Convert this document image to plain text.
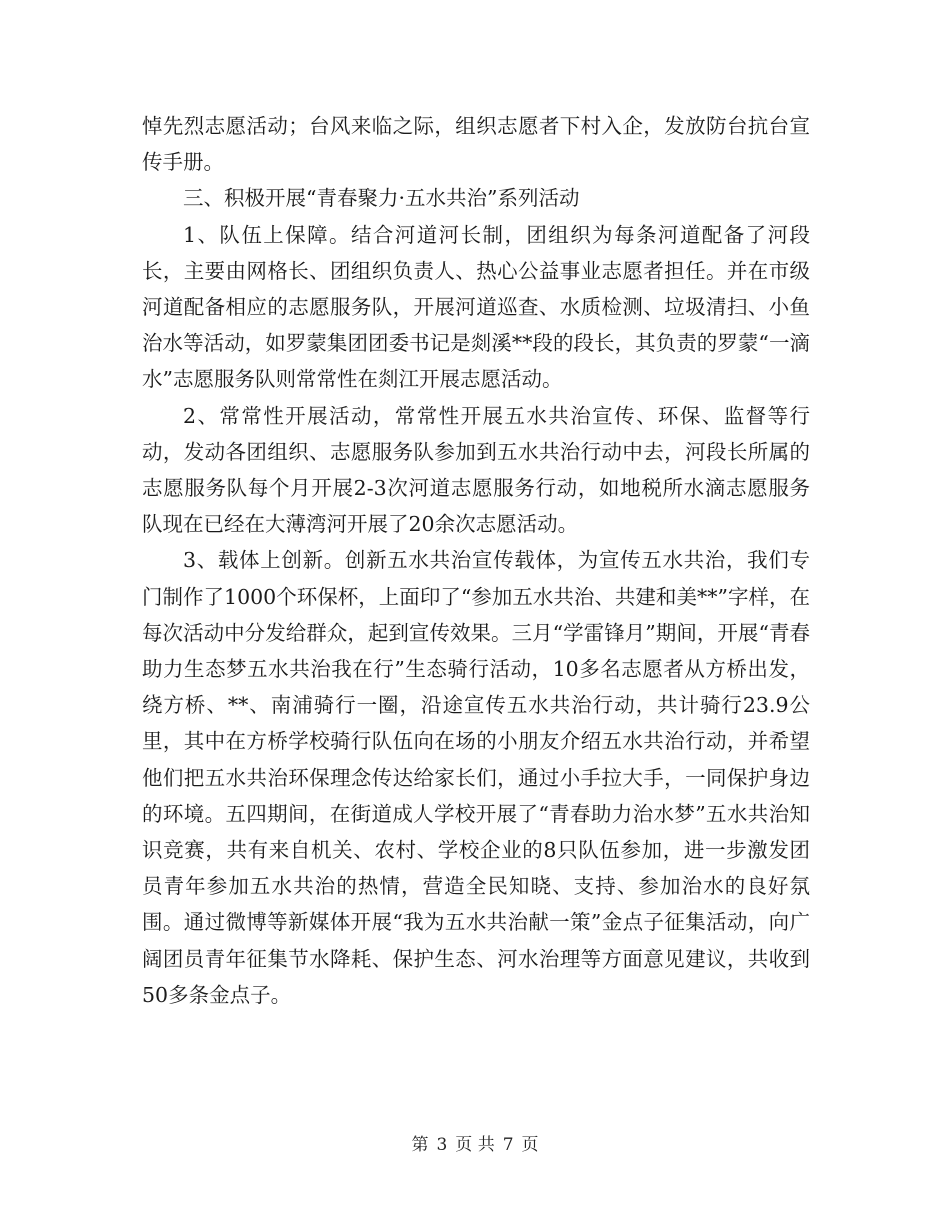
悼先烈志愿活动；台风来临之际，组织志愿者下村入企，发放防台抗台宣传手册。

三、积极开展“青春聚力·五水共治”系列活动

1、队伍上保障。结合河道河长制，团组织为每条河道配备了河段长，主要由网格长、团组织负责人、热心公益事业志愿者担任。并在市级河道配备相应的志愿服务队，开展河道巡查、水质检测、垃圾清扫、小鱼治水等活动，如罗蒙集团团委书记是剡溪**段的段长，其负责的罗蒙“一滴水”志愿服务队则常常性在剡江开展志愿活动。

2、常常性开展活动，常常性开展五水共治宣传、环保、监督等行动，发动各团组织、志愿服务队参加到五水共治行动中去，河段长所属的志愿服务队每个月开展2-3次河道志愿服务行动，如地税所水滴志愿服务队现在已经在大薄湾河开展了20余次志愿活动。

3、载体上创新。创新五水共治宣传载体，为宣传五水共治，我们专门制作了1000个环保杯，上面印了“参加五水共治、共建和美**”字样，在每次活动中分发给群众，起到宣传效果。三月“学雷锋月”期间，开展“青春助力生态梦五水共治我在行”生态骑行活动，10多名志愿者从方桥出发，绕方桥、**、南浦骑行一圈，沿途宣传五水共治行动，共计骑行23.9公里，其中在方桥学校骑行队伍向在场的小朋友介绍五水共治行动，并希望他们把五水共治环保理念传达给家长们，通过小手拉大手，一同保护身边的环境。五四期间，在街道成人学校开展了“青春助力治水梦”五水共治知识竞赛，共有来自机关、农村、学校企业的8只队伍参加，进一步激发团员青年参加五水共治的热情，营造全民知晓、支持、参加治水的良好氛围。通过微博等新媒体开展“我为五水共治献一策”金点子征集活动，向广阔团员青年征集节水降耗、保护生态、河水治理等方面意见建议，共收到50多条金点子。

第 3 页 共 7 页
